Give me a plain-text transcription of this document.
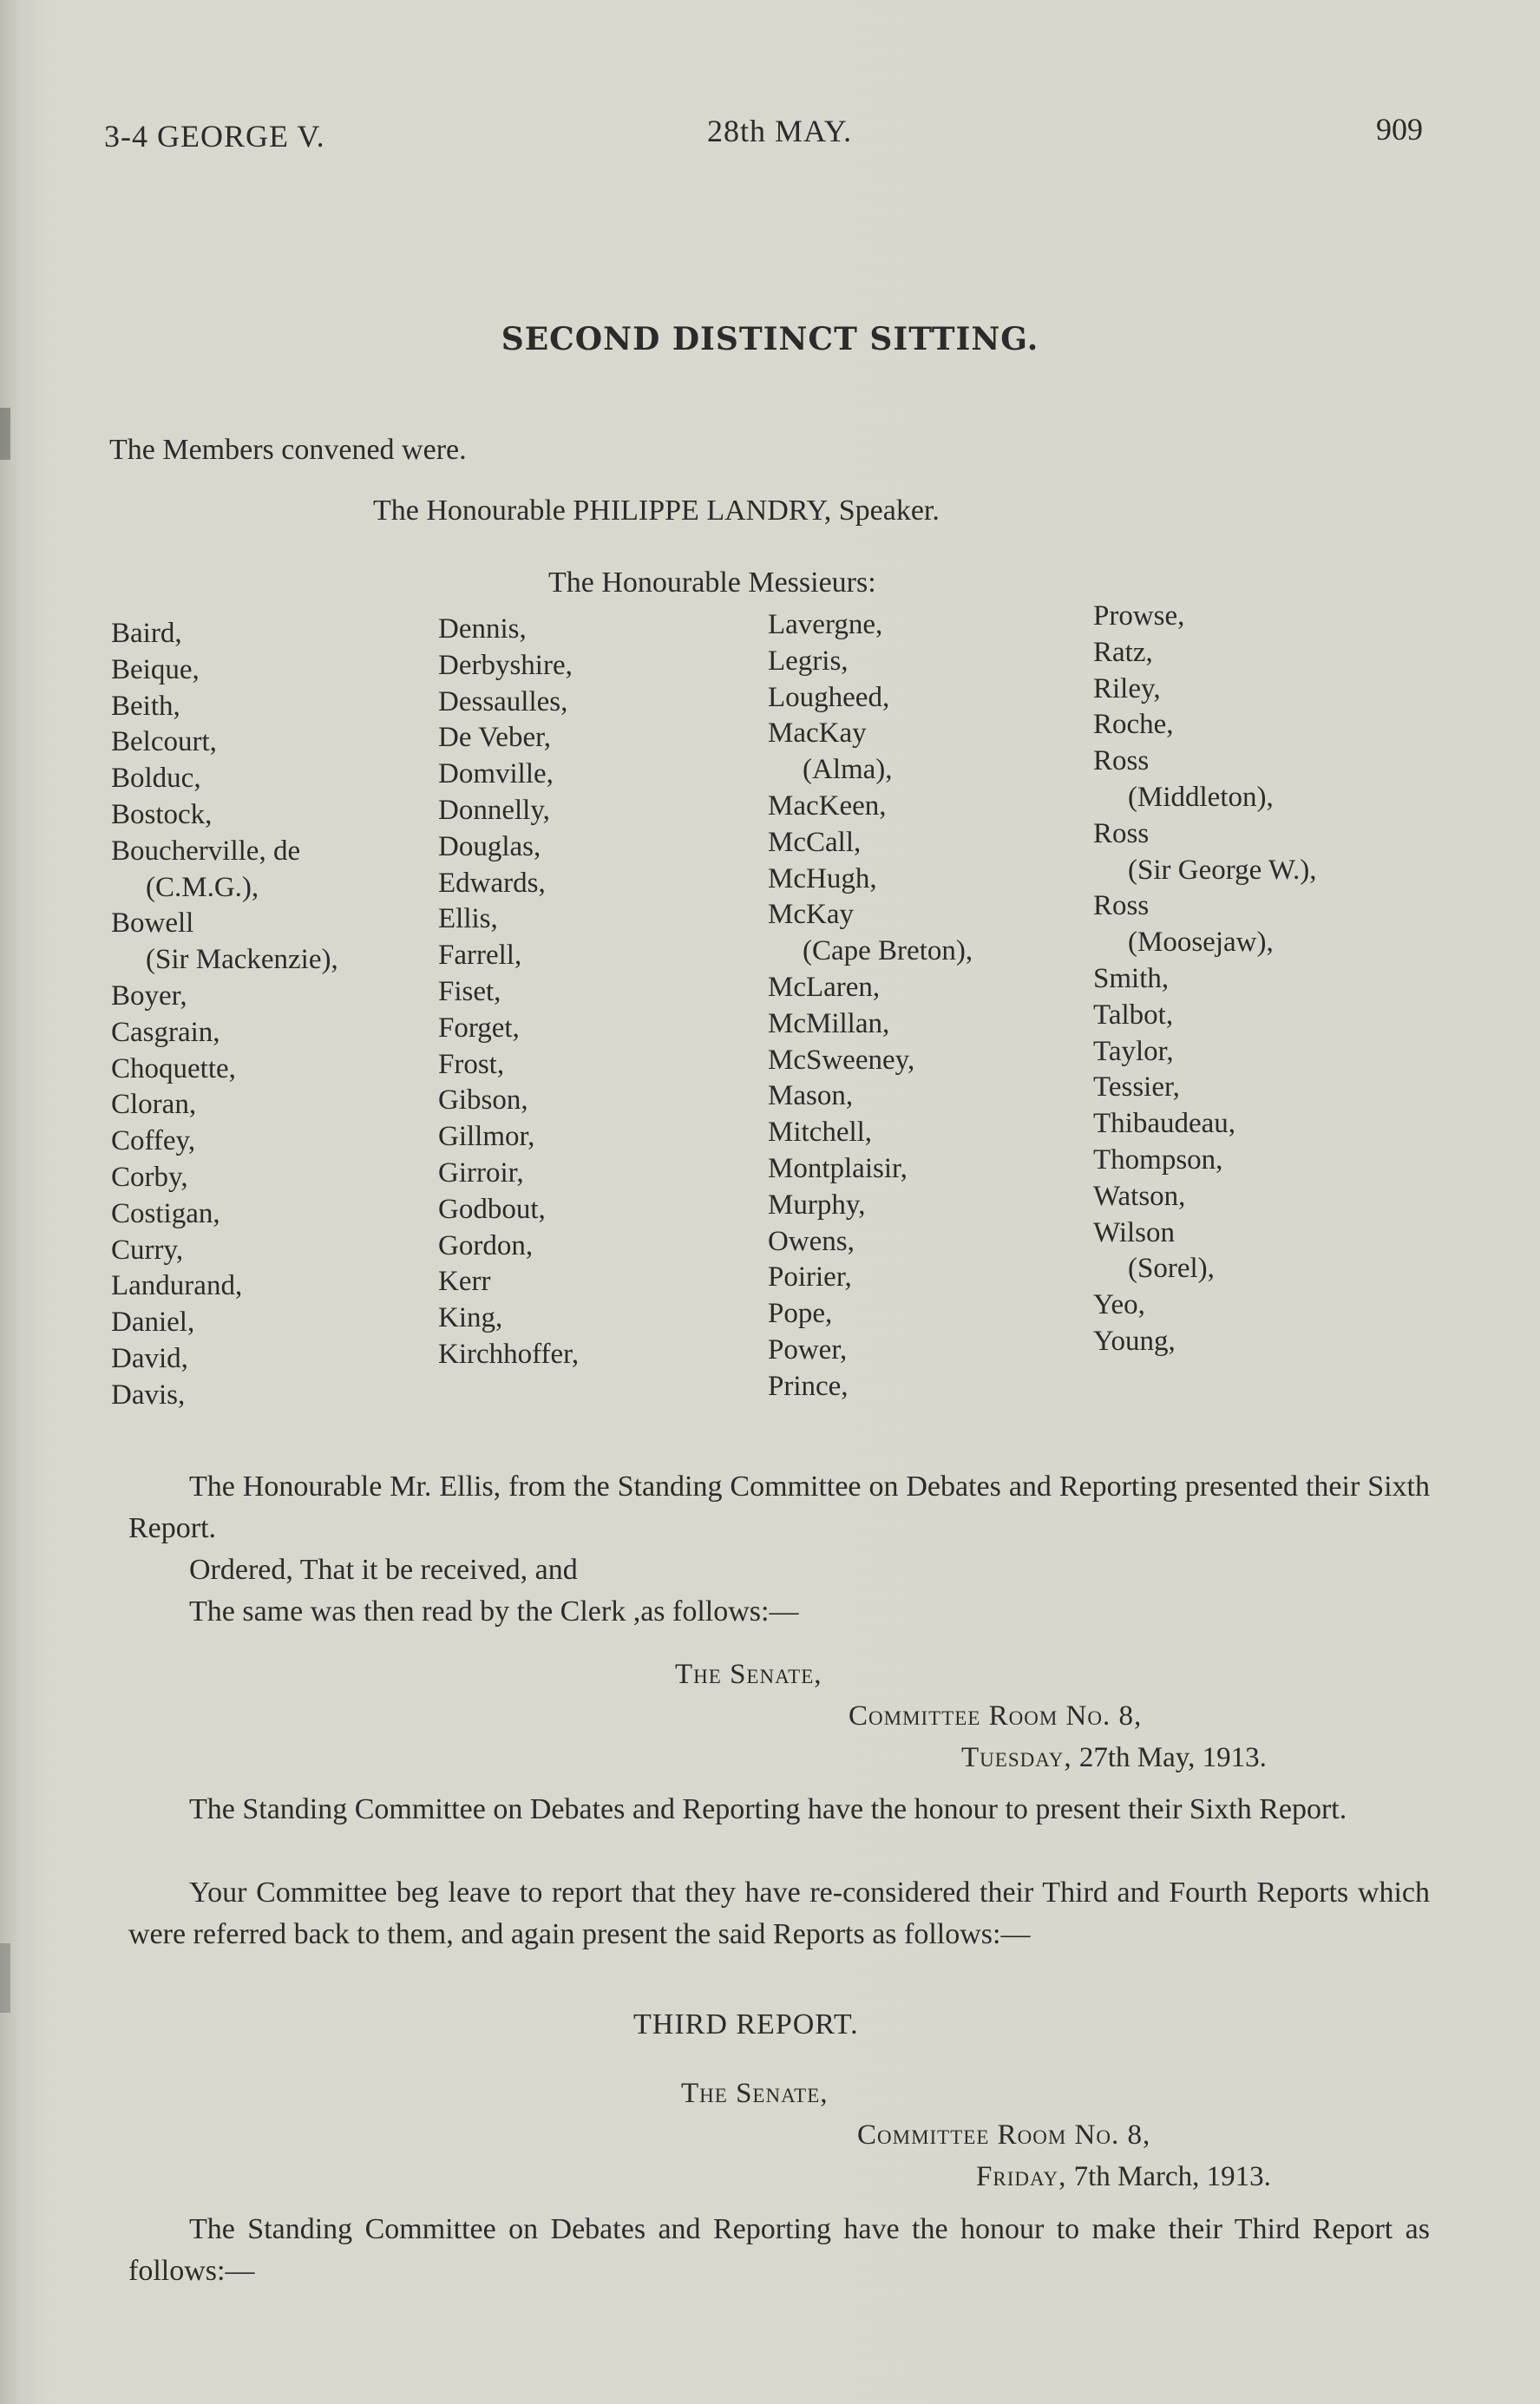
3-4 GEORGE V.	28th MAY.	909
SECOND DISTINCT SITTING.
The Members convened were.
The Honourable PHILIPPE LANDRY, Speaker.
The Honourable Messieurs:
Baird,
Beique,
Beith,
Belcourt,
Bolduc,
Bostock,
Boucherville, de
(C.M.G.),
Bowell
(Sir Mackenzie),
Boyer,
Casgrain,
Choquette,
Cloran,
Coffey,
Corby,
Costigan,
Curry,
Landurand,
Daniel,
David,
Davis,
Dennis,
Derbyshire,
Dessaulles,
De Veber,
Domville,
Donnelly,
Douglas,
Edwards,
Ellis,
Farrell,
Fiset,
Forget,
Frost,
Gibson,
Gillmor,
Girroir,
Godbout,
Gordon,
Kerr
King,
Kirchhoffer,
Lavergne,
Legris,
Lougheed,
MacKay
(Alma),
MacKeen,
McCall,
McHugh,
McKay
(Cape Breton),
McLaren,
McMillan,
McSweeney,
Mason,
Mitchell,
Montplaisir,
Murphy,
Owens,
Poirier,
Pope,
Power,
Prince,
Prowse,
Ratz,
Riley,
Roche,
Ross
(Middleton),
Ross
(Sir George W.),
Ross
(Moosejaw),
Smith,
Talbot,
Taylor,
Tessier,
Thibaudeau,
Thompson,
Watson,
Wilson
(Sorel),
Yeo,
Young,
The Honourable Mr. Ellis, from the Standing Committee on Debates and Reporting presented their Sixth Report.
Ordered, That it be received, and
The same was then read by the Clerk ,as follows:—
The Senate,
Committee Room No. 8,
Tuesday, 27th May, 1913.
The Standing Committee on Debates and Reporting have the honour to present their Sixth Report.
Your Committee beg leave to report that they have re-considered their Third and Fourth Reports which were referred back to them, and again present the said Reports as follows:—
THIRD REPORT.
The Senate,
Committee Room No. 8,
Friday, 7th March, 1913.
The Standing Committee on Debates and Reporting have the honour to make their Third Report as follows:—
